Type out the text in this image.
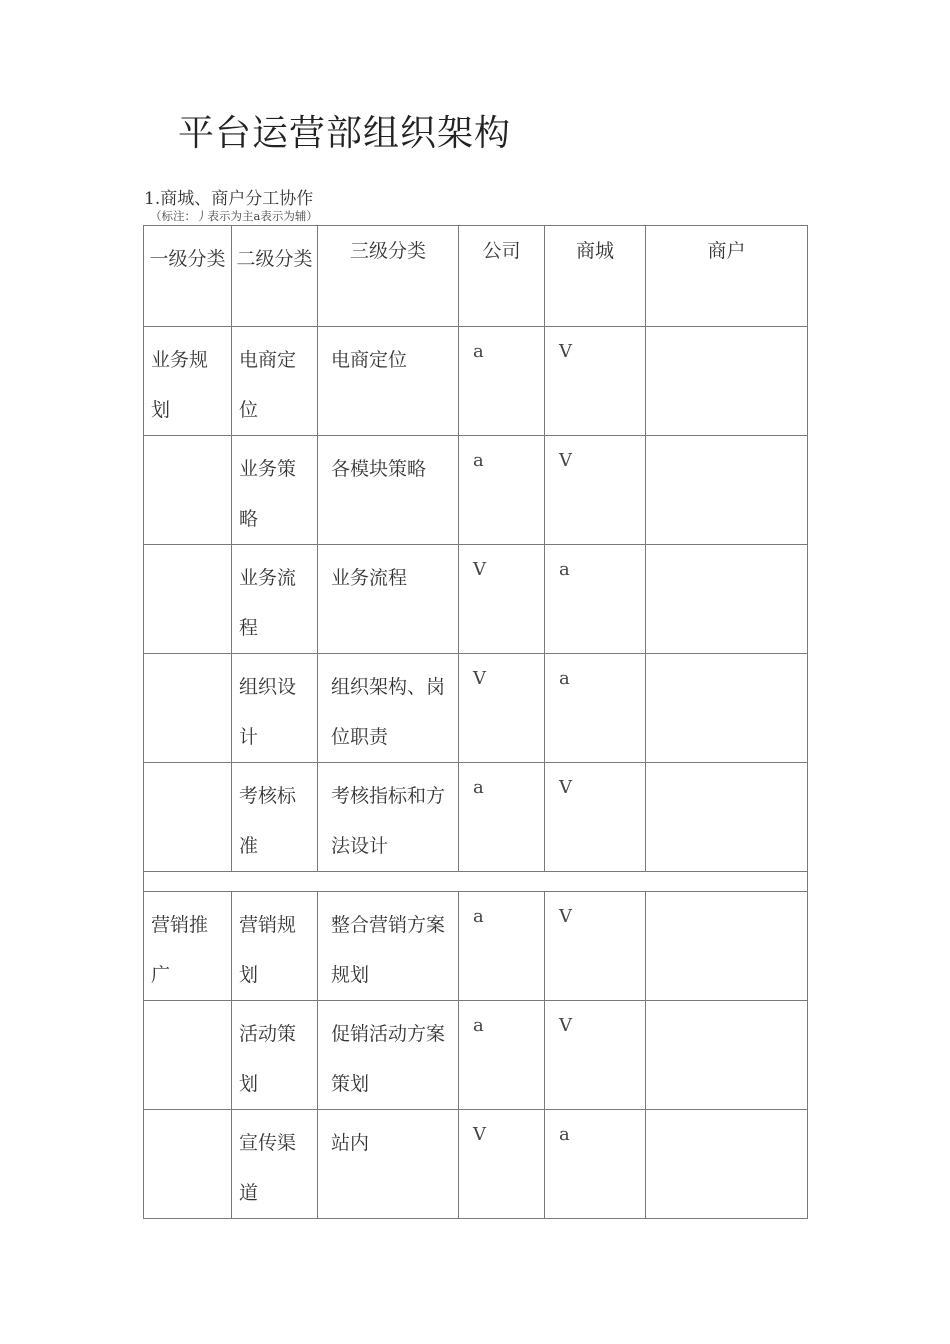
平台运营部组织架构
1.商城、商户分工协作
（标注：丿表示为主a表示为辅）
一级分类	二级分类	三级分类	公司	商城	商户

业务规划	电商定位	电商定位	a	V	

	业务策略	各模块策略	a	V	

	业务流程	业务流程	V	a	

	组织设计	组织架构、岗位职责	V	a	

	考核标准	考核指标和方法设计	a	V	

营销推广	营销规划	整合营销方案规划	a	V	

	活动策划	促销活动方案策划	a	V	

	宣传渠道	站内	V	a	
